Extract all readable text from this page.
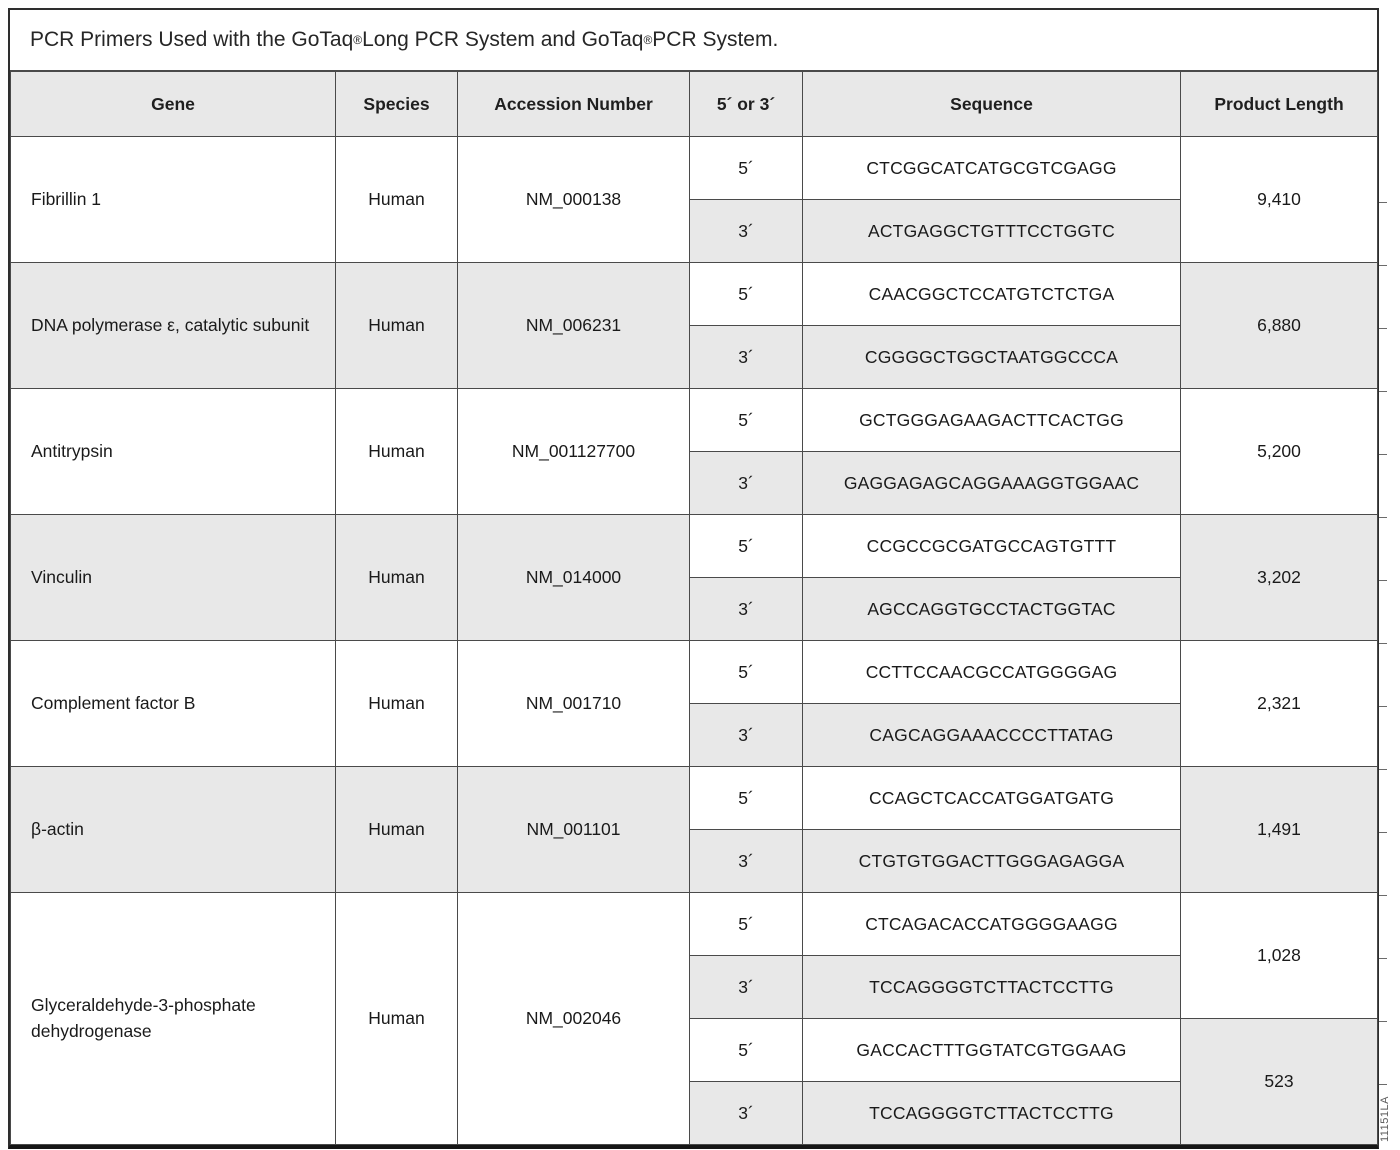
PCR Primers Used with the GoTaq ® Long PCR System and GoTaq ® PCR System.
Gene	Species	Accession Number	5´ or 3´	Sequence	Product Length
Fibrillin 1	Human	NM_000138	5´	CTCGGCATCATGCGTCGAGG	9,410
			3´	ACTGAGGCTGTTTCCTGGTC	
DNA polymerase ε, catalytic subunit	Human	NM_006231	5´	CAACGGCTCCATGTCTCTGA	6,880
			3´	CGGGGCTGGCTAATGGCCCA	
Antitrypsin	Human	NM_001127700	5´	GCTGGGAGAAGACTTCACTGG	5,200
			3´	GAGGAGAGCAGGAAAGGTGGAAC	
Vinculin	Human	NM_014000	5´	CCGCCGCGATGCCAGTGTTT	3,202
			3´	AGCCAGGTGCCTACTGGTAC	
Complement factor B	Human	NM_001710	5´	CCTTCCAACGCCATGGGGAG	2,321
			3´	CAGCAGGAAACCCCTTATAG	
β-actin	Human	NM_001101	5´	CCAGCTCACCATGGATGATG	1,491
			3´	CTGTGTGGACTTGGGAGAGGA	
Glyceraldehyde-3-phosphate dehydrogenase	Human	NM_002046	5´	CTCAGACACCATGGGGAAGG	1,028
			3´	TCCAGGGGTCTTACTCCTTG	
			5´	GACCACTTTGGTATCGTGGAAG	523
			3´	TCCAGGGGTCTTACTCCTTG		11151LA
